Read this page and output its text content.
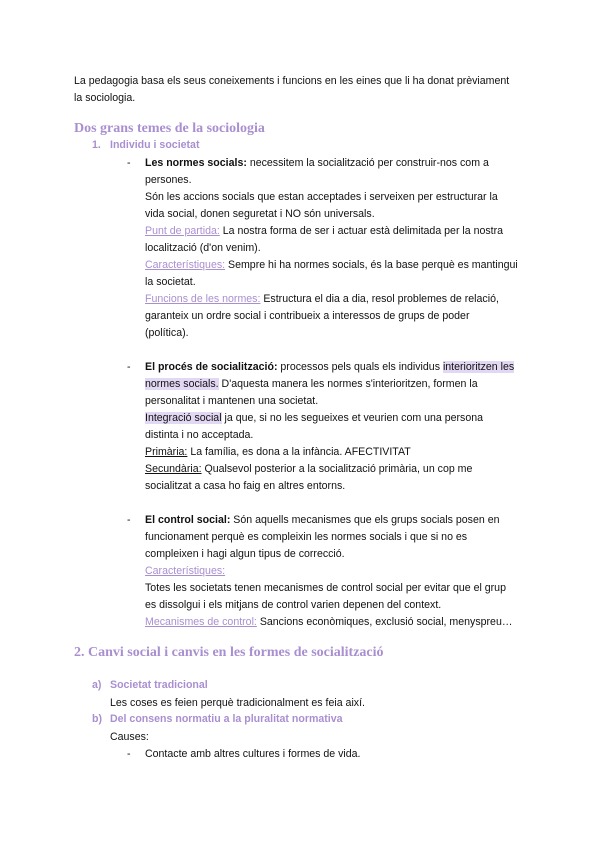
La pedagogia basa els seus coneixements i funcions en les eines que li ha donat prèviament
la sociologia.
Dos grans temes de la sociologia
1. Individu i societat
- Les normes socials: necessitem la socialització per construir-nos com a
persones.
Són les accions socials que estan acceptades i serveixen per estructurar la
vida social, donen seguretat i NO són universals.
Punt de partida: La nostra forma de ser i actuar està delimitada per la nostra
localització (d'on venim).
Característiques: Sempre hi ha normes socials, és la base perquè es mantingui
la societat.
Funcions de les normes: Estructura el dia a dia, resol problemes de relació,
garanteix un ordre social i contribueix a interessos de grups de poder
(política).
- El procés de socialització: processos pels quals els individus interioritzen les
normes socials. D'aquesta manera les normes s'interioritzen, formen la
personalitat i mantenen una societat.
Integració social ja que, si no les segueixes et veurien com una persona
distinta i no acceptada.
Primària: La família, es dona a la infància. AFECTIVITAT
Secundària: Qualsevol posterior a la socialització primària, un cop me
socialitzat a casa ho faig en altres entorns.
- El control social: Són aquells mecanismes que els grups socials posen en
funcionament perquè es compleixin les normes socials i que si no es
compleixen i hagi algun tipus de correcció.
Característiques:
Totes les societats tenen mecanismes de control social per evitar que el grup
es dissolgui i els mitjans de control varien depenen del context.
Mecanismes de control: Sancions econòmiques, exclusió social, menyspreu…
2. Canvi social i canvis en les formes de socialització
a) Societat tradicional
Les coses es feien perquè tradicionalment es feia així.
b) Del consens normatiu a la pluralitat normativa
Causes:
- Contacte amb altres cultures i formes de vida.
